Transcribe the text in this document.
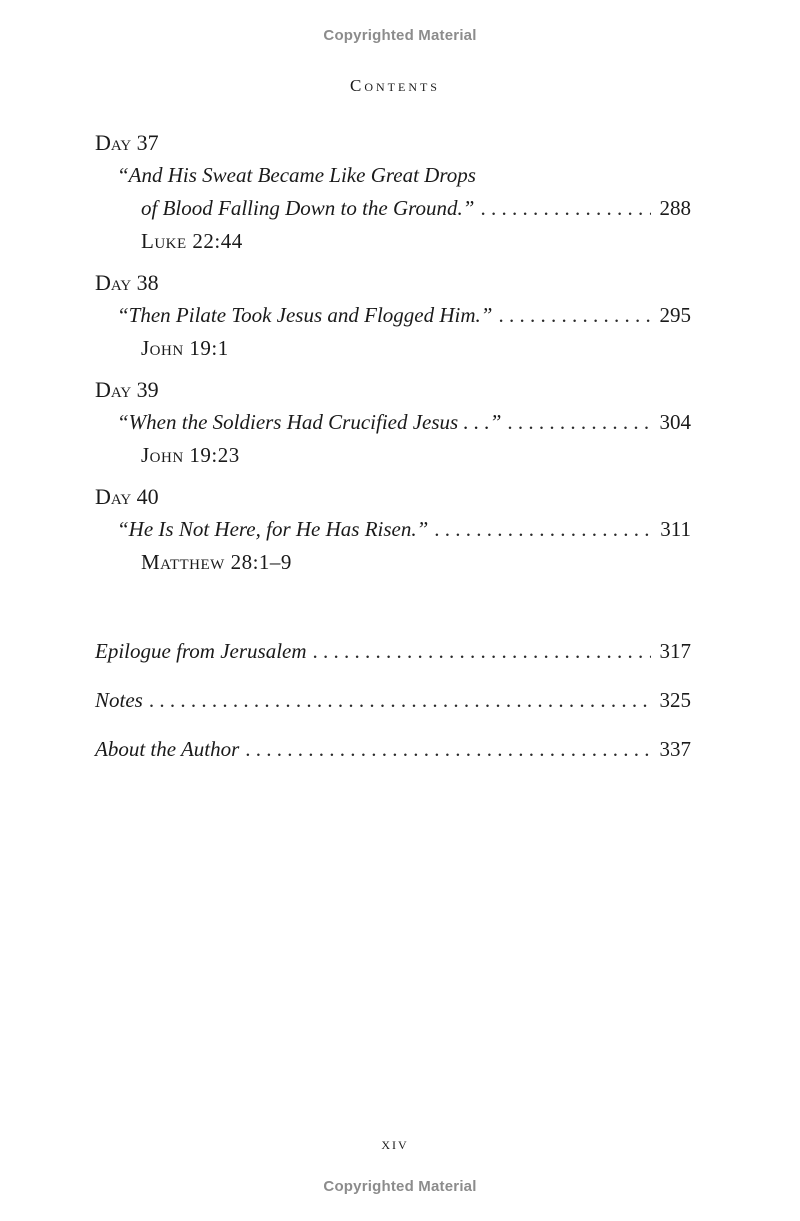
Copyrighted Material
Contents
Day 37
“And His Sweat Became Like Great Drops
of Blood Falling Down to the Ground.” . . .	288
Luke 22:44
Day 38
“Then Pilate Took Jesus and Flogged Him.” . . .	295
John 19:1
Day 39
“When the Soldiers Had Crucified Jesus . . .” . . .	304
John 19:23
Day 40
“He Is Not Here, for He Has Risen.” . . .	311
Matthew 28:1–9
Epilogue from Jerusalem . . .	317
Notes . . .	325
About the Author . . .	337
xiv
Copyrighted Material
